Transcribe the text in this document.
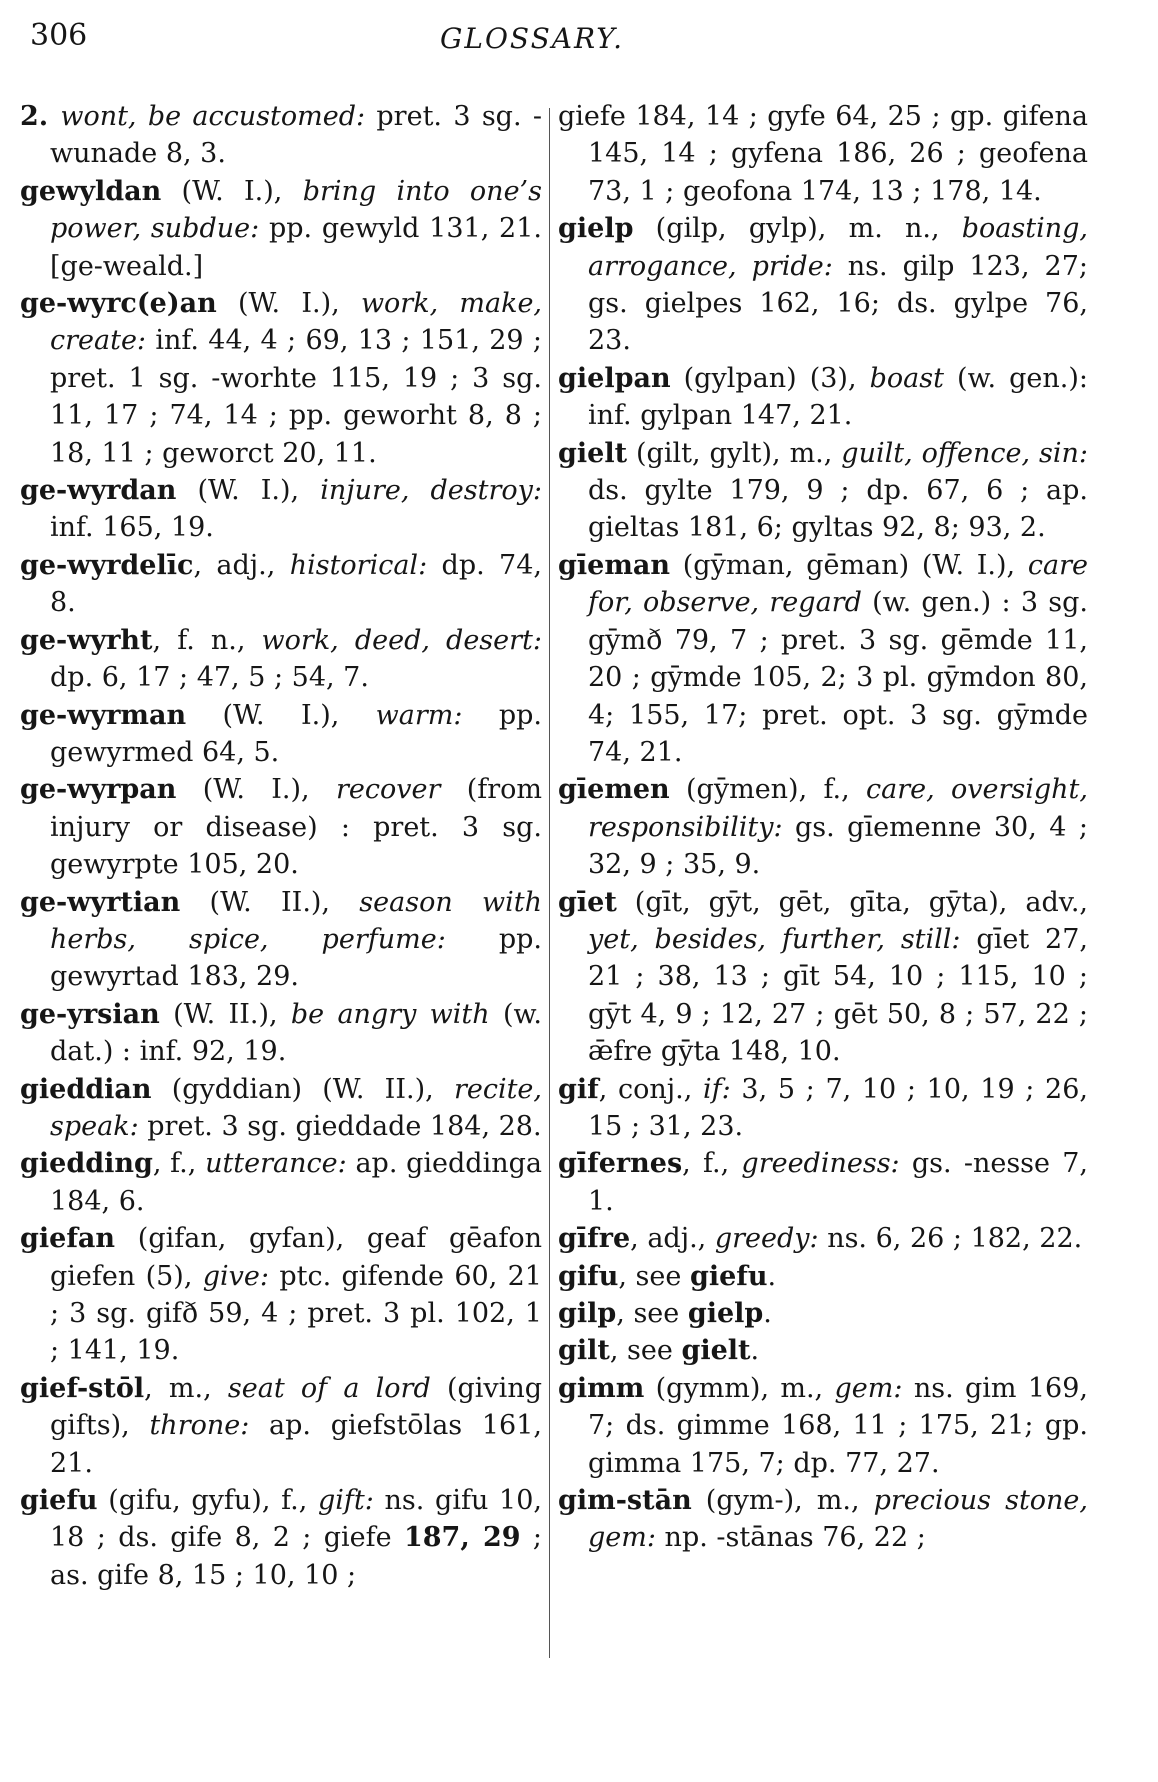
306	GLOSSARY.
2. wont, be accustomed: pret. 3 sg. -wunade 8, 3.
gewyldan (W. I.), bring into one’s power, subdue: pp. gewyld 131, 21. [ge-weald.]
ge-wyrc(e)an (W. I.), work, make, create: inf. 44, 4 ; 69, 13 ; 151, 29 ; pret. 1 sg. -worhte 115, 19 ; 3 sg. 11, 17 ; 74, 14 ; pp. geworht 8, 8 ; 18, 11 ; geworct 20, 11.
ge-wyrdan (W. I.), injure, destroy: inf. 165, 19.
ge-wyrdelīc, adj., historical: dp. 74, 8.
ge-wyrht, f. n., work, deed, desert: dp. 6, 17 ; 47, 5 ; 54, 7.
ge-wyrman (W. I.), warm: pp. gewyrmed 64, 5.
ge-wyrpan (W. I.), recover (from injury or disease) : pret. 3 sg. gewyrpte 105, 20.
ge-wyrtian (W. II.), season with herbs, spice, perfume: pp. gewyrtad 183, 29.
ge-yrsian (W. II.), be angry with (w. dat.) : inf. 92, 19.
gieddian (gyddian) (W. II.), recite, speak: pret. 3 sg. gieddade 184, 28.
giedding, f., utterance: ap. gieddinga 184, 6.
giefan (gifan, gyfan), geaf gēafon giefen (5), give: ptc. gifende 60, 21 ; 3 sg. gifð 59, 4 ; pret. 3 pl. 102, 1 ; 141, 19.
gief-stōl, m., seat of a lord (giving gifts), throne: ap. giefstōlas 161, 21.
giefu (gifu, gyfu), f., gift: ns. gifu 10, 18 ; ds. gife 8, 2 ; giefe 187, 29 ; as. gife 8, 15 ; 10, 10 ;
giefe 184, 14 ; gyfe 64, 25 ; gp. gifena 145, 14 ; gyfena 186, 26 ; geofena 73, 1 ; geofona 174, 13 ; 178, 14.
gielp (gilp, gylp), m. n., boasting, arrogance, pride: ns. gilp 123, 27; gs. gielpes 162, 16; ds. gylpe 76, 23.
gielpan (gylpan) (3), boast (w. gen.): inf. gylpan 147, 21.
gielt (gilt, gylt), m., guilt, offence, sin: ds. gylte 179, 9 ; dp. 67, 6 ; ap. gieltas 181, 6; gyltas 92, 8; 93, 2.
gīeman (gȳman, gēman) (W. I.), care for, observe, regard (w. gen.) : 3 sg. gȳmð 79, 7 ; pret. 3 sg. gēmde 11, 20 ; gȳmde 105, 2; 3 pl. gȳmdon 80, 4; 155, 17; pret. opt. 3 sg. gȳmde 74, 21.
gīemen (gȳmen), f., care, oversight, responsibility: gs. gīemenne 30, 4 ; 32, 9 ; 35, 9.
gīet (gīt, gȳt, gēt, gīta, gȳta), adv., yet, besides, further, still: gīet 27, 21 ; 38, 13 ; gīt 54, 10 ; 115, 10 ; gȳt 4, 9 ; 12, 27 ; gēt 50, 8 ; 57, 22 ; ǣfre gȳta 148, 10.
gif, conj., if: 3, 5 ; 7, 10 ; 10, 19 ; 26, 15 ; 31, 23.
gīfernes, f., greediness: gs. -nesse 7, 1.
gīfre, adj., greedy: ns. 6, 26 ; 182, 22.
gifu, see giefu.
gilp, see gielp.
gilt, see gielt.
gimm (gymm), m., gem: ns. gim 169, 7; ds. gimme 168, 11 ; 175, 21; gp. gimma 175, 7; dp. 77, 27.
gim-stān (gym-), m., precious stone, gem: np. -stānas 76, 22 ;
